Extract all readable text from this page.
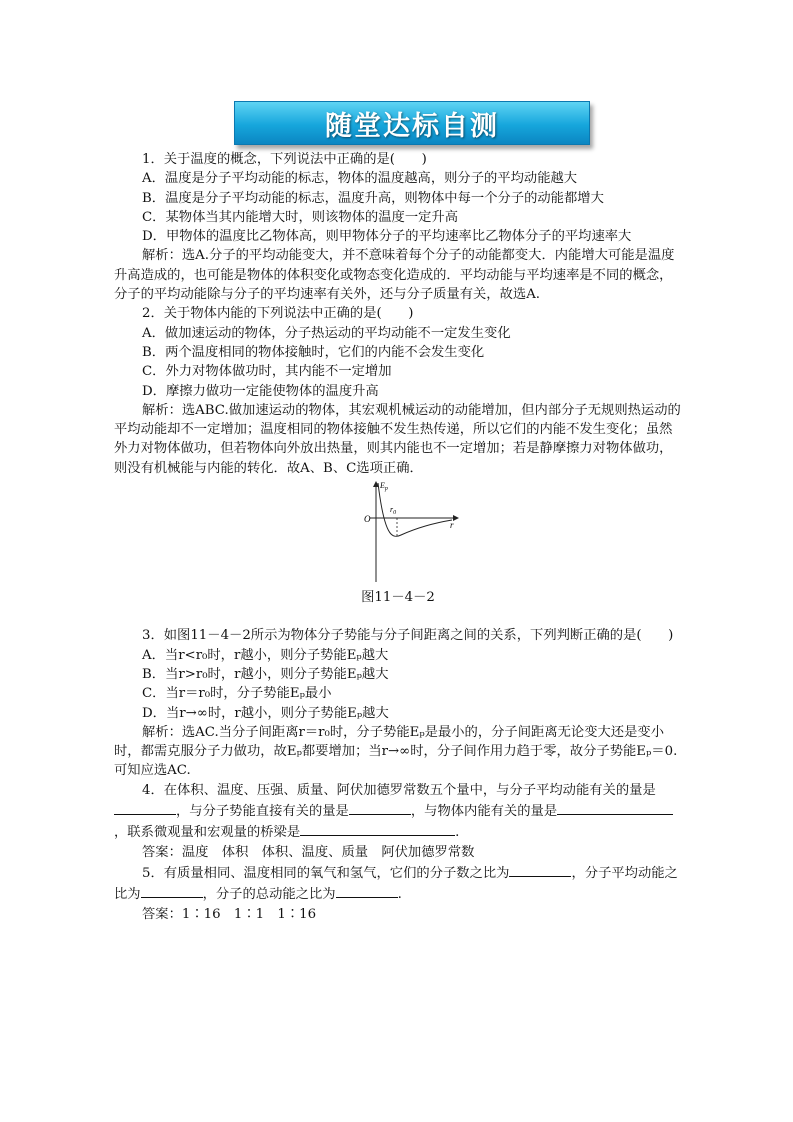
随堂达标自测

1．关于温度的概念，下列说法中正确的是(　　)

A．温度是分子平均动能的标志，物体的温度越高，则分子的平均动能越大

B．温度是分子平均动能的标志，温度升高，则物体中每一个分子的动能都增大

C．某物体当其内能增大时，则该物体的温度一定升高

D．甲物体的温度比乙物体高，则甲物体分子的平均速率比乙物体分子的平均速率大

解析：选A.分子的平均动能变大，并不意味着每个分子的动能都变大．内能增大可能是温度升高造成的，也可能是物体的体积变化或物态变化造成的．平均动能与平均速率是不同的概念，分子的平均动能除与分子的平均速率有关外，还与分子质量有关，故选A.

2．关于物体内能的下列说法中正确的是(　　)

A．做加速运动的物体，分子热运动的平均动能不一定发生变化

B．两个温度相同的物体接触时，它们的内能不会发生变化

C．外力对物体做功时，其内能不一定增加

D．摩擦力做功一定能使物体的温度升高

解析：选ABC.做加速运动的物体，其宏观机械运动的动能增加，但内部分子无规则热运动的平均动能却不一定增加；温度相同的物体接触不发生热传递，所以它们的内能不发生变化；虽然外力对物体做功，但若物体向外放出热量，则其内能也不一定增加；若是静摩擦力对物体做功，则没有机械能与内能的转化．故A、B、C选项正确．

$E_p$
r
O
$r_0$

图11－4－2

3．如图11－4－2所示为物体分子势能与分子间距离之间的关系，下列判断正确的是(　　)

A．当r<r₀时，r越小，则分子势能Eₚ越大

B．当r>r₀时，r越小，则分子势能Eₚ越大

C．当r＝r₀时，分子势能Eₚ最小

D．当r→∞时，r越小，则分子势能Eₚ越大

解析：选AC.当分子间距离r＝r₀时，分子势能Eₚ是最小的，分子间距离无论变大还是变小时，都需克服分子力做功，故Eₚ都要增加；当r→∞时，分子间作用力趋于零，故分子势能Eₚ＝0.可知应选AC.

4．在体积、温度、压强、质量、阿伏加德罗常数五个量中，与分子平均动能有关的量是，与分子势能直接有关的量是	，与物体内能有关的量是，联系微观量和宏观量的桥梁是	.

答案：温度　体积　体积、温度、质量　阿伏加德罗常数

5．有质量相同、温度相同的氧气和氢气，它们的分子数之比为	，分子平均动能之比为	，分子的总动能之比为	.

答案：1∶16　1∶1　1∶16
